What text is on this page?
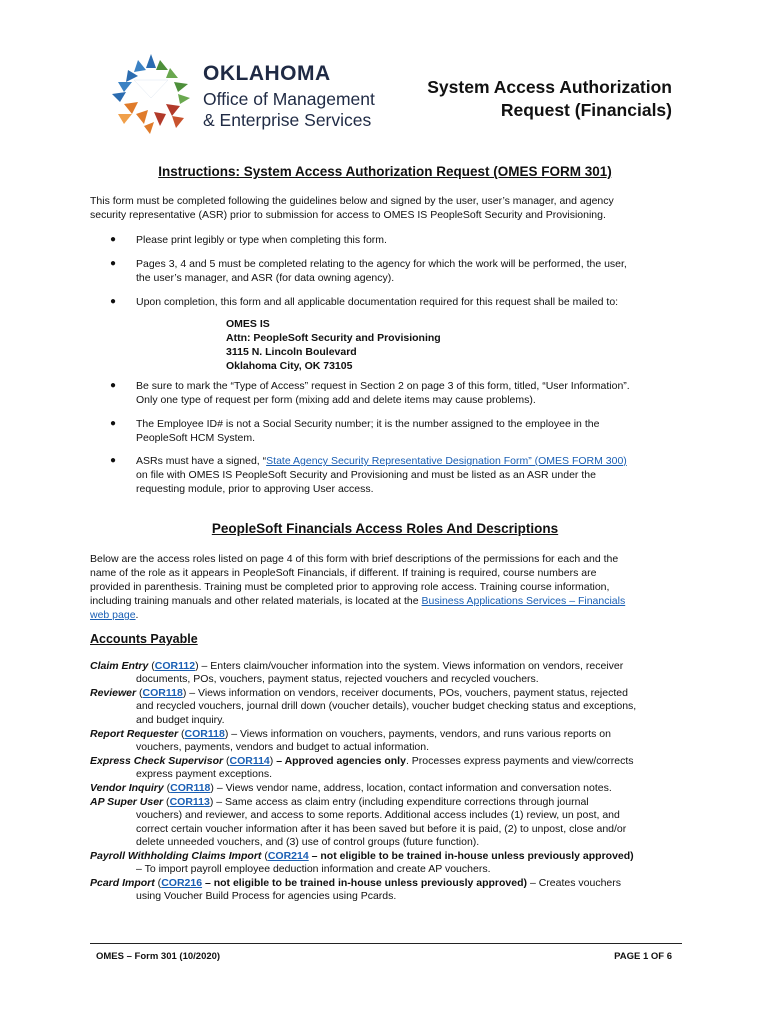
OKLAHOMA
Office of Management
& Enterprise Services
System Access Authorization
Request (Financials)
Instructions: System Access Authorization Request (OMES FORM 301)
This form must be completed following the guidelines below and signed by the user, user’s manager, and agency
security representative (ASR) prior to submission for access to OMES IS PeopleSoft Security and Provisioning.
● Please print legibly or type when completing this form.
● Pages 3, 4 and 5 must be completed relating to the agency for which the work will be performed, the user,
the user’s manager, and ASR (for data owning agency).
● Upon completion, this form and all applicable documentation required for this request shall be mailed to:
OMES IS
Attn: PeopleSoft Security and Provisioning
3115 N. Lincoln Boulevard
Oklahoma City, OK 73105
● Be sure to mark the “Type of Access” request in Section 2 on page 3 of this form, titled, “User Information”.
Only one type of request per form (mixing add and delete items may cause problems).
● The Employee ID# is not a Social Security number; it is the number assigned to the employee in the
PeopleSoft HCM System.
● ASRs must have a signed, “State Agency Security Representative Designation Form” (OMES FORM 300)
on file with OMES IS PeopleSoft Security and Provisioning and must be listed as an ASR under the
requesting module, prior to approving User access.
PeopleSoft Financials Access Roles And Descriptions
Below are the access roles listed on page 4 of this form with brief descriptions of the permissions for each and the
name of the role as it appears in PeopleSoft Financials, if different. If training is required, course numbers are
provided in parenthesis. Training must be completed prior to approving role access. Training course information,
including training manuals and other related materials, is located at the Business Applications Services – Financials
web page.
Accounts Payable
Claim Entry (COR112) – Enters claim/voucher information into the system. Views information on vendors, receiver
documents, POs, vouchers, payment status, rejected vouchers and recycled vouchers.
Reviewer (COR118) – Views information on vendors, receiver documents, POs, vouchers, payment status, rejected
and recycled vouchers, journal drill down (voucher details), voucher budget checking status and exceptions,
and budget inquiry.
Report Requester (COR118) – Views information on vouchers, payments, vendors, and runs various reports on
vouchers, payments, vendors and budget to actual information.
Express Check Supervisor (COR114) – Approved agencies only. Processes express payments and view/corrects
express payment exceptions.
Vendor Inquiry (COR118) – Views vendor name, address, location, contact information and conversation notes.
AP Super User (COR113) – Same access as claim entry (including expenditure corrections through journal
vouchers) and reviewer, and access to some reports. Additional access includes (1) review, un post, and
correct certain voucher information after it has been saved but before it is paid, (2) to unpost, close and/or
delete unneeded vouchers, and (3) use of control groups (future function).
Payroll Withholding Claims Import (COR214 – not eligible to be trained in-house unless previously approved)
– To import payroll employee deduction information and create AP vouchers.
Pcard Import (COR216 – not eligible to be trained in-house unless previously approved) – Creates vouchers
using Voucher Build Process for agencies using Pcards.
OMES – Form 301 (10/2020)	PAGE 1 OF 6
